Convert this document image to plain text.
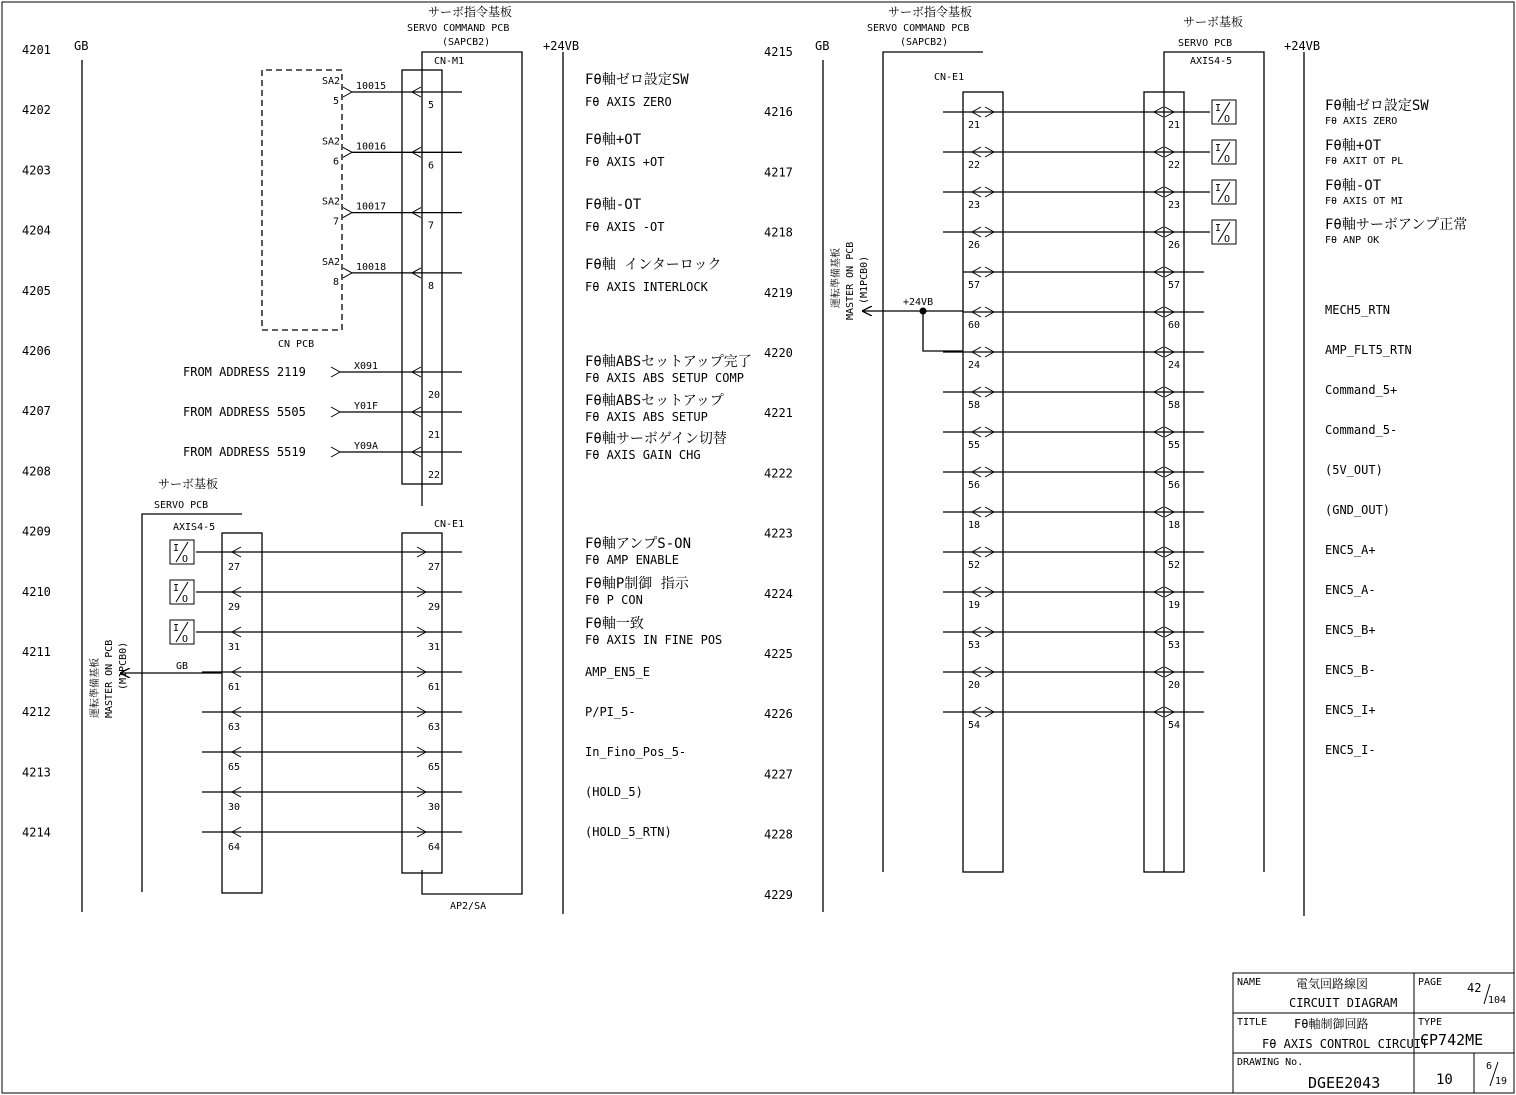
GB	+24VB
サーボ指令基板
SERVO COMMAND PCB
(SAPCB2)
AP2/SA
CN-M1
CN-E1
CN PCB
サーボ基板
SERVO PCB
AXIS4-5
運転準備基板 MASTER ON PCB (M1PCB0)	GB
4201
4202
4203
4204
4205
4206
4207
4208
4209
4210
4211
4212
4213
4214
SA2
5
10015
5
SA2
6
10016
6
SA2
7
10017
7
SA2
8
10018
8
FROM ADDRESS 2119	X091
20
FROM ADDRESS 5505	Y01F
21
FROM ADDRESS 5519	Y09A
22
27	27
I
O
29	29
I
O
31	31
I
O
61	61
63	63
65	65
30	30
64	64
Fθ軸ゼロ設定SW
Fθ AXIS ZERO
Fθ軸+OT
Fθ AXIS +OT
Fθ軸-OT
Fθ AXIS -OT
Fθ軸 インターロック
Fθ AXIS INTERLOCK
Fθ軸ABSセットアップ完了
Fθ AXIS ABS SETUP COMP
Fθ軸ABSセットアップ
Fθ AXIS ABS SETUP
Fθ軸サーボゲイン切替
Fθ AXIS GAIN CHG
Fθ軸アンプS-ON
Fθ AMP ENABLE
Fθ軸P制御 指示
Fθ P CON
Fθ軸一致
Fθ AXIS IN FINE POS
AMP_EN5_E
P/PI_5-
In_Fino_Pos_5-
(HOLD_5)
(HOLD_5_RTN)
GB	+24VB
サーボ指令基板
SERVO COMMAND PCB
(SAPCB2)
CN-E1
サーボ基板
SERVO PCB
AXIS4-5
運転準備基板 MASTER ON PCB (M1PCB0)	+24VB
4215
4216
4217
4218
4219
4220
4221
4222
4223
4224
4225
4226
4227
4228
4229
21	21
I
O
22	22
I
O
23	23
I
O
26	26
I
O
57	57
60	60
24	24
58	58
55	55
56	56
18	18
52	52
19	19
53	53
20	20
54	54
Fθ軸ゼロ設定SW
Fθ AXIS ZERO
Fθ軸+OT
Fθ AXIT OT PL
Fθ軸-OT
Fθ AXIS OT MI
Fθ軸サーボアンプ正常
Fθ ANP OK
MECH5_RTN
AMP_FLT5_RTN
Command_5+
Command_5-
(5V_OUT)
(GND_OUT)
ENC5_A+
ENC5_A-
ENC5_B+
ENC5_B-
ENC5_I+
ENC5_I-
NAME	電気回路線図
CIRCUIT DIAGRAM
PAGE 42
104
TITLE Fθ軸制御回路
Fθ AXIS CONTROL CIRCUIT
TYPE
CP742ME
DRAWING No.
DGEE2043	10
6
19
